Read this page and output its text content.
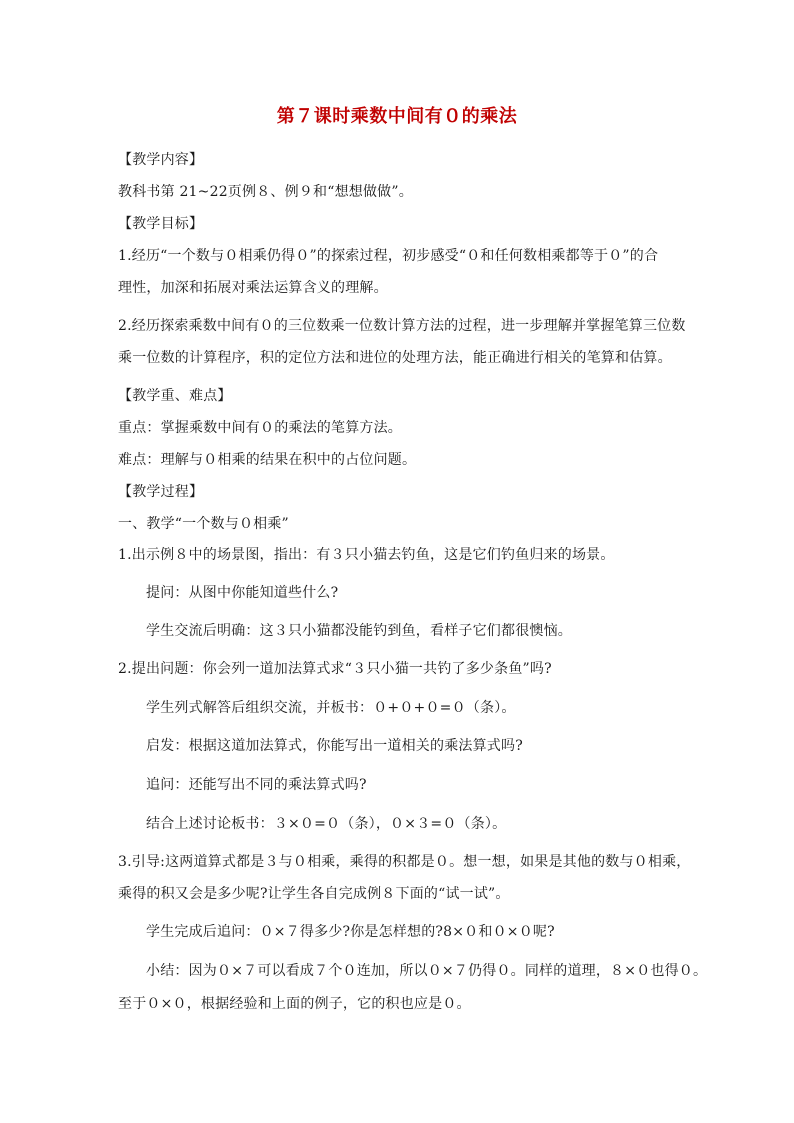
第７课时乘数中间有０的乘法
【教学内容】
教科书第 21~22页例８、例９和“想想做做”。
【教学目标】
1.经历“一个数与０相乘仍得０”的探索过程，初步感受“０和任何数相乘都等于０”的合
理性，加深和拓展对乘法运算含义的理解。
2.经历探索乘数中间有０的三位数乘一位数计算方法的过程，进一步理解并掌握笔算三位数
乘一位数的计算程序，积的定位方法和进位的处理方法，能正确进行相关的笔算和估算。
【教学重、难点】
重点：掌握乘数中间有０的乘法的笔算方法。
难点：理解与０相乘的结果在积中的占位问题。
【教学过程】
一、教学“一个数与０相乘”
1.出示例８中的场景图，指出：有３只小猫去钓鱼，这是它们钓鱼归来的场景。
提问：从图中你能知道些什么?
学生交流后明确：这３只小猫都没能钓到鱼，看样子它们都很懊恼。
2.提出问题：你会列一道加法算式求“３只小猫一共钓了多少条鱼”吗?
学生列式解答后组织交流，并板书：０+０+０=０（条）。
启发：根据这道加法算式，你能写出一道相关的乘法算式吗?
追问：还能写出不同的乘法算式吗?
结合上述讨论板书：３×０=０（条），０×３=０（条）。
3.引导:这两道算式都是３与０相乘，乘得的积都是０。想一想，如果是其他的数与０相乘，
乘得的积又会是多少呢?让学生各自完成例８下面的“试一试”。
学生完成后追问：０×７得多少?你是怎样想的?8×０和０×０呢?
小结：因为０×７可以看成７个０连加，所以０×７仍得０。同样的道理，８×０也得０。
至于０×０，根据经验和上面的例子，它的积也应是０。
